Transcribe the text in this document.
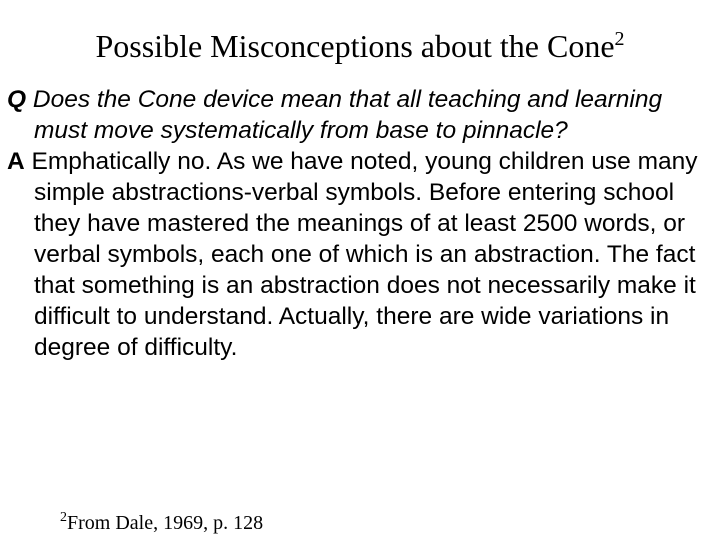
Possible Misconceptions about the Cone$^2$

Q Does the Cone device mean that all teaching and learning must move systematically from base to pinnacle?

A Emphatically no. As we have noted, young children use many simple abstractions-verbal symbols. Before entering school they have mastered the meanings of at least 2500 words, or verbal symbols, each one of which is an abstraction. The fact that something is an abstraction does not necessarily make it difficult to understand. Actually, there are wide variations in degree of difficulty.

$^2$From Dale, 1969, p. 128
